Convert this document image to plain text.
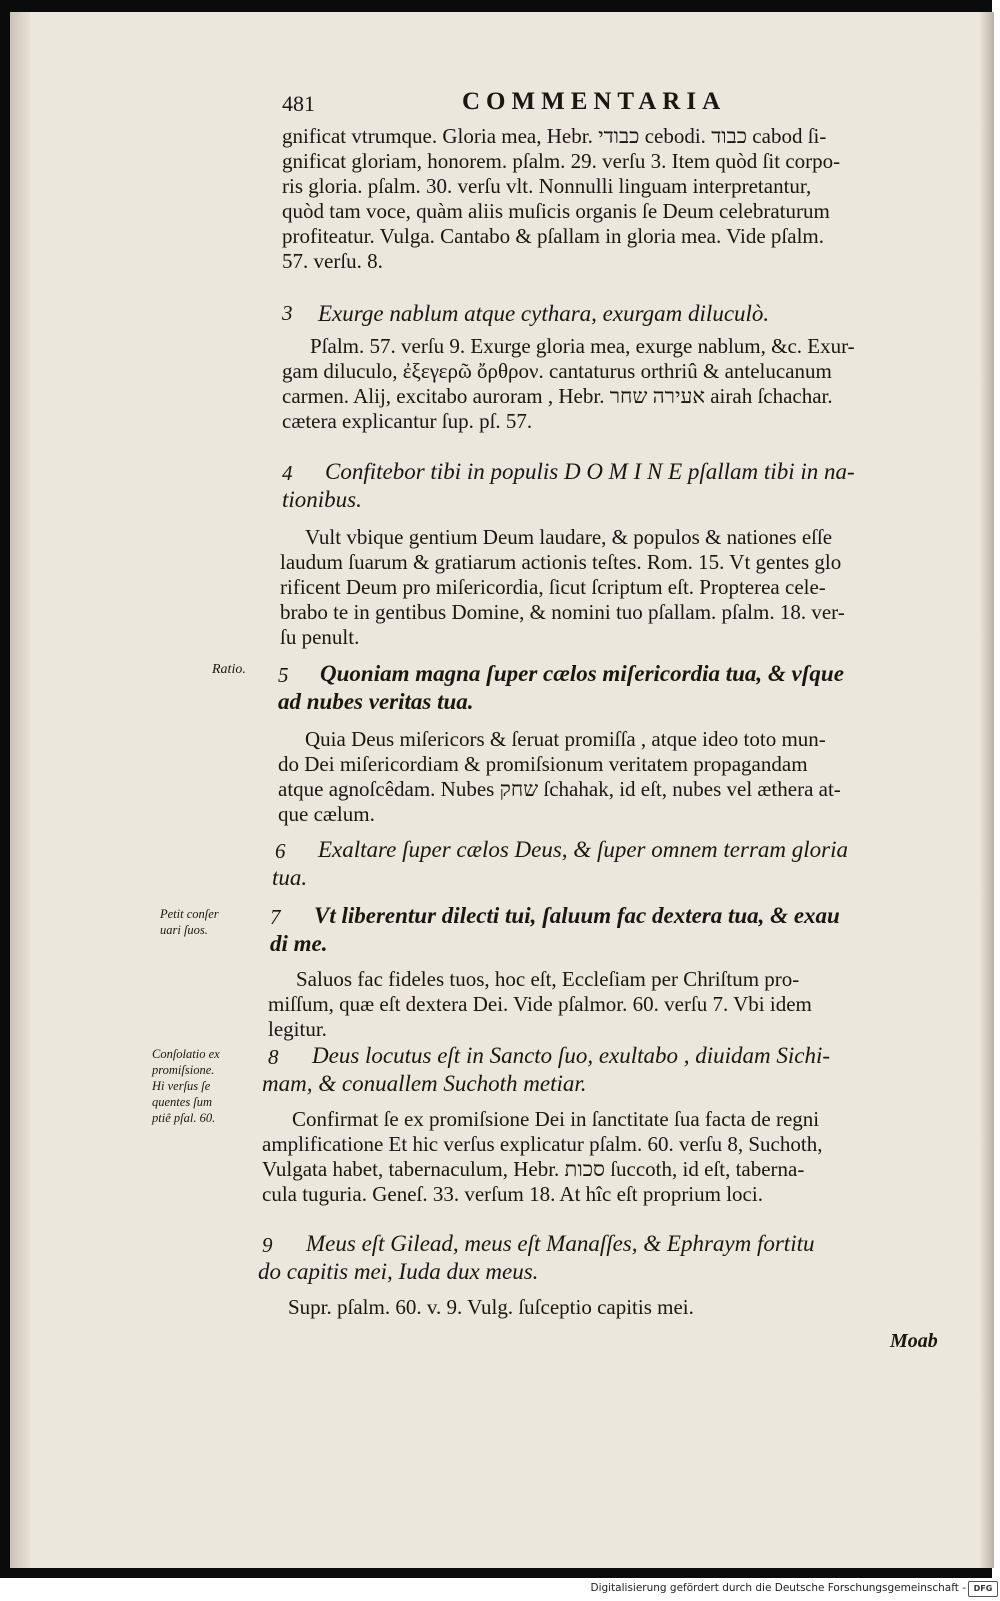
481	COMMENTARIA
gnificat vtrumque. Gloria mea, Hebr. כבודי cebodi. כבוד cabod ſi-
gnificat gloriam, honorem. pſalm. 29. verſu 3. Item quòd ſit corpo-
ris gloria. pſalm. 30. verſu vlt. Nonnulli linguam interpretantur,
quòd tam voce, quàm aliis muſicis organis ſe Deum celebraturum
profiteatur. Vulga. Cantabo & pſallam in gloria mea. Vide pſalm.
57. verſu. 8.
3 Exurge nablum atque cythara, exurgam diluculò.
Pſalm. 57. verſu 9. Exurge gloria mea, exurge nablum, &c. Exur-
gam diluculo, ἐξεγερῶ ὄρθρον. cantaturus orthriû & antelucanum
carmen. Alij, excitabo auroram , Hebr. אעירה שחר airah ſchachar.
cætera explicantur ſup. pſ. 57.
4 Confitebor tibi in populis D O M I N E pſallam tibi in na-
tionibus.
Vult vbique gentium Deum laudare, & populos & nationes eſſe
laudum ſuarum & gratiarum actionis teſtes. Rom. 15. Vt gentes glo
rificent Deum pro miſericordia, ſicut ſcriptum eſt. Propterea cele-
brabo te in gentibus Domine, & nomini tuo pſallam. pſalm. 18. ver-
ſu penult.
Ratio. 5 Quoniam magna ſuper cælos miſericordia tua, & vſque
ad nubes veritas tua.
Quia Deus miſericors & ſeruat promiſſa , atque ideo toto mun-
do Dei miſericordiam & promiſsionum veritatem propagandam
atque agnoſcêdam. Nubes שחק ſchahak, id eſt, nubes vel æthera at-
que cælum.
6 Exaltare ſuper cælos Deus, & ſuper omnem terram gloria
tua.
Petit conſer
uari ſuos.
7 Vt liberentur dilecti tui, ſaluum fac dextera tua, & exau
di me.
Saluos fac fideles tuos, hoc eſt, Eccleſiam per Chriſtum pro-
miſſum, quæ eſt dextera Dei. Vide pſalmor. 60. verſu 7. Vbi idem
legitur.
Conſolatio ex
promiſsione.
Hi verſus ſe
quentes ſum
ptiê pſal. 60.
8 Deus locutus eſt in Sancto ſuo, exultabo , diuidam Sichi-
mam, & conuallem Suchoth metiar.
Confirmat ſe ex promiſsione Dei in ſanctitate ſua facta de regni
amplificatione Et hic verſus explicatur pſalm. 60. verſu 8, Suchoth,
Vulgata habet, tabernaculum, Hebr. סכות ſuccoth, id eſt, taberna-
cula tuguria. Geneſ. 33. verſum 18. At hîc eſt proprium loci.
9 Meus eſt Gilead, meus eſt Manaſſes, & Ephraym fortitu
do capitis mei, Iuda dux meus.
Supr. pſalm. 60. v. 9. Vulg. ſuſceptio capitis mei.
Moab
Digitalisierung gefördert durch die Deutsche Forschungsgemeinschaft - DFG
